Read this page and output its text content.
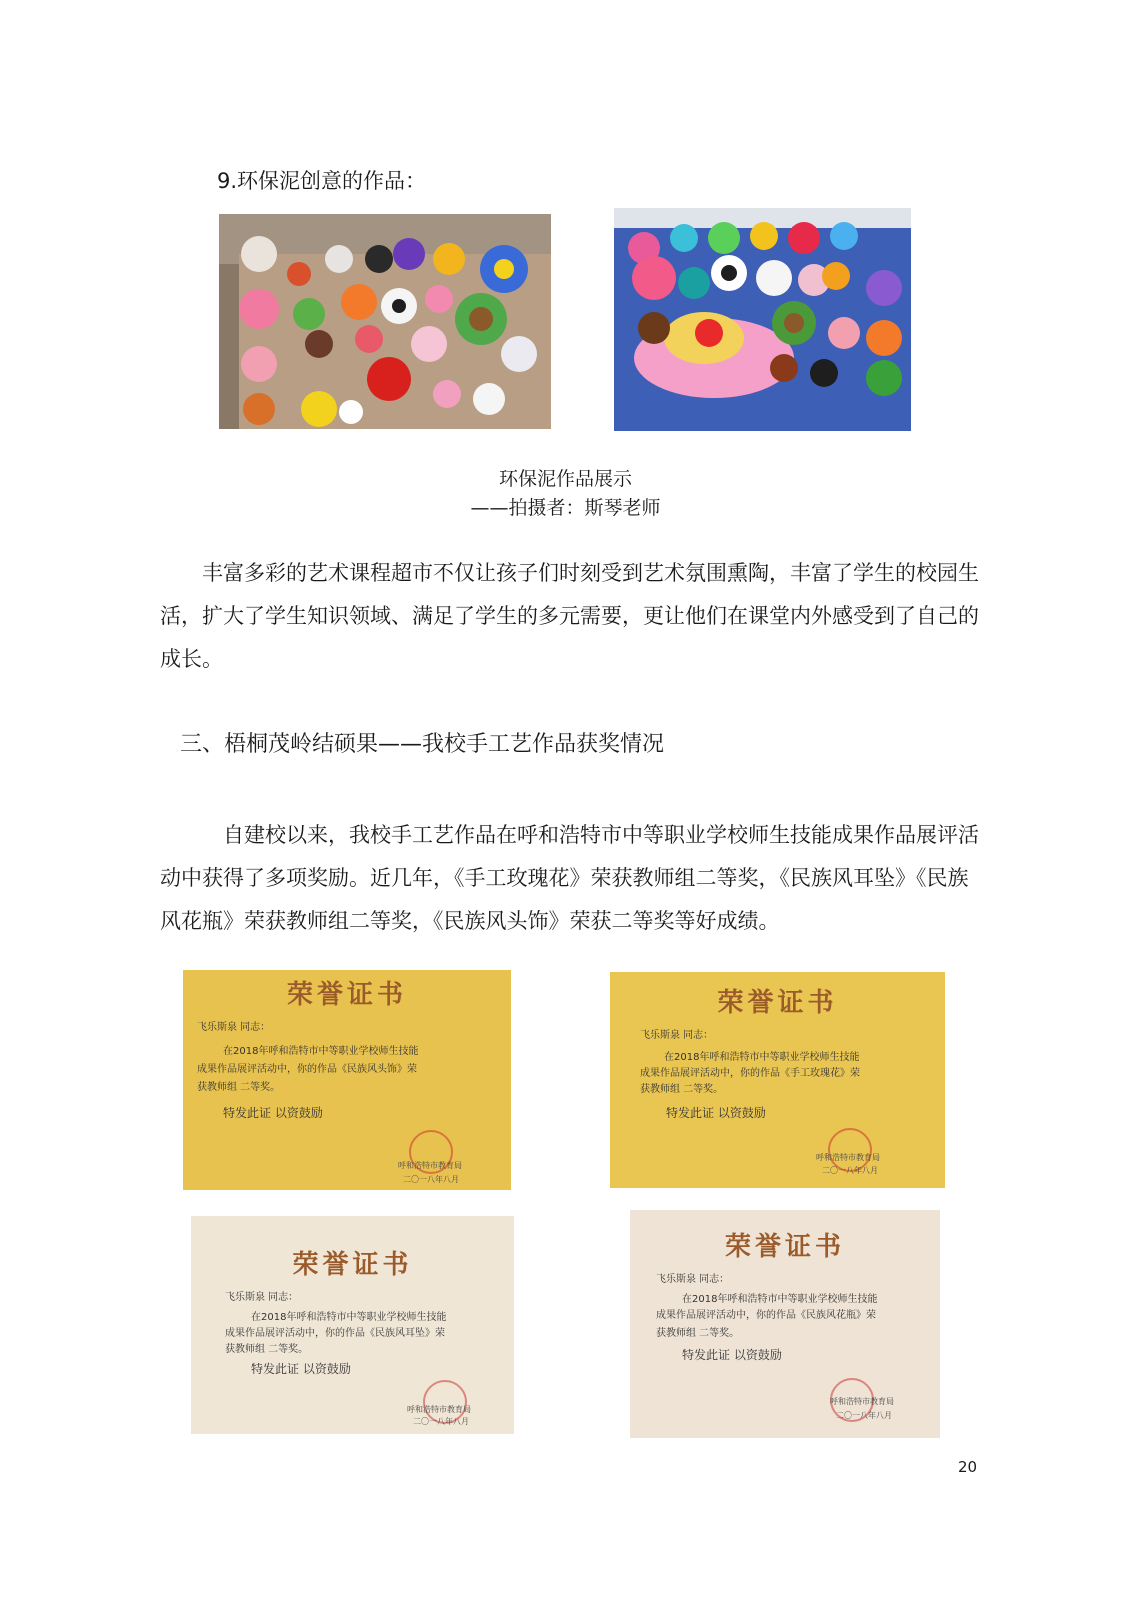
9.环保泥创意的作品：
环保泥作品展示
——拍摄者：斯琴老师
丰富多彩的艺术课程超市不仅让孩子们时刻受到艺术氛围熏陶，丰富了学生的校园生活，扩大了学生知识领域、满足了学生的多元需要，更让他们在课堂内外感受到了自己的成长。
三、梧桐茂岭结硕果——我校手工艺作品获奖情况
自建校以来，我校手工艺作品在呼和浩特市中等职业学校师生技能成果作品展评活动中获得了多项奖励。近几年，《手工玫瑰花》荣获教师组二等奖，《民族风耳坠》《民族风花瓶》荣获教师组二等奖，《民族风头饰》荣获二等奖等好成绩。
荣誉证书
飞乐斯泉 同志：
在2018年呼和浩特市中等职业学校师生技能
成果作品展评活动中，你的作品《民族风头饰》荣
获教师组 二等奖。
特发此证 以资鼓励
呼和浩特市教育局
二〇一八年八月
荣誉证书
飞乐斯泉 同志：
在2018年呼和浩特市中等职业学校师生技能
成果作品展评活动中，你的作品《手工玫瑰花》荣
获教师组 二等奖。
特发此证 以资鼓励
呼和浩特市教育局
二〇一八年八月
荣誉证书
飞乐斯泉 同志：
在2018年呼和浩特市中等职业学校师生技能
成果作品展评活动中，你的作品《民族风耳坠》荣
获教师组 二等奖。
特发此证 以资鼓励
呼和浩特市教育局
二〇一八年八月
荣誉证书
飞乐斯泉 同志：
在2018年呼和浩特市中等职业学校师生技能
成果作品展评活动中，你的作品《民族风花瓶》荣
获教师组 二等奖。
特发此证 以资鼓励
呼和浩特市教育局
二〇一八年八月
20
